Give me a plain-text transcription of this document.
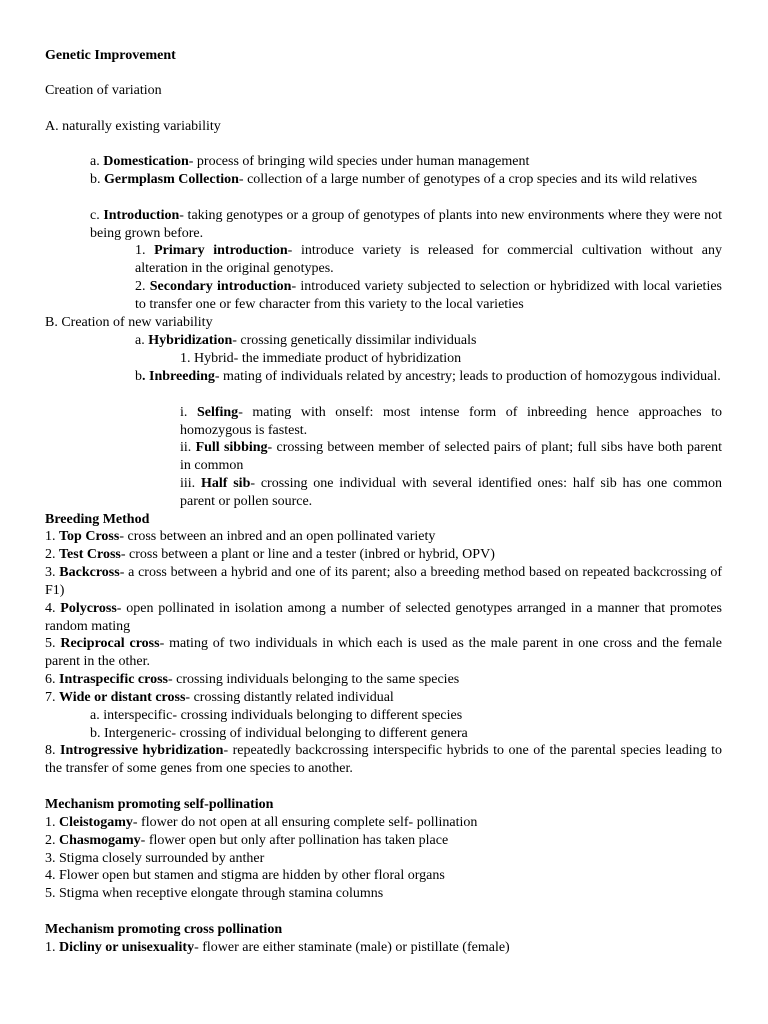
Genetic Improvement

Creation of variation

A. naturally existing variability

a. Domestication- process of bringing wild species under human management

b. Germplasm Collection- collection of a large number of genotypes of a crop species and its wild relatives

c. Introduction- taking genotypes or a group of genotypes of plants into new environments where they were not being grown before.

1. Primary introduction- introduce variety is released for commercial cultivation without any alteration in the original genotypes.

2. Secondary introduction- introduced variety subjected to selection or hybridized with local varieties to transfer one or few character from this variety to the local varieties

B. Creation of new variability

a. Hybridization- crossing genetically dissimilar individuals

1. Hybrid- the immediate product of hybridization

b. Inbreeding- mating of individuals related by ancestry; leads to production of homozygous individual.

i. Selfing- mating with onself: most intense form of inbreeding hence approaches to homozygous is fastest.

ii. Full sibbing- crossing between member of selected pairs of plant; full sibs have both parent in common

iii. Half sib- crossing one individual with several identified ones: half sib has one common parent or pollen source.

Breeding Method

1. Top Cross- cross between an inbred and an open pollinated variety

2. Test Cross- cross between a plant or line and a tester (inbred or hybrid, OPV)

3. Backcross- a cross between a hybrid and one of its parent; also a breeding method based on repeated backcrossing of F1)

4. Polycross- open pollinated in isolation among a number of selected genotypes arranged in a manner that promotes random mating

5. Reciprocal cross- mating of two individuals in which each is used as the male parent in one cross and the female parent in the other.

6. Intraspecific cross- crossing individuals belonging to the same species

7. Wide or distant cross- crossing distantly related individual

a. interspecific- crossing individuals belonging to different species

b. Intergeneric- crossing of individual belonging to different genera

8. Introgressive hybridization- repeatedly backcrossing interspecific hybrids to one of the parental species leading to the transfer of some genes from one species to another.

Mechanism promoting self-pollination

1. Cleistogamy- flower do not open at all ensuring complete self- pollination

2. Chasmogamy- flower open but only after pollination has taken place

3. Stigma closely surrounded by anther

4. Flower open but stamen and stigma are hidden by other floral organs

5. Stigma when receptive elongate through stamina columns

Mechanism promoting cross pollination

1. Dicliny or unisexuality- flower are either staminate (male) or pistillate (female)
